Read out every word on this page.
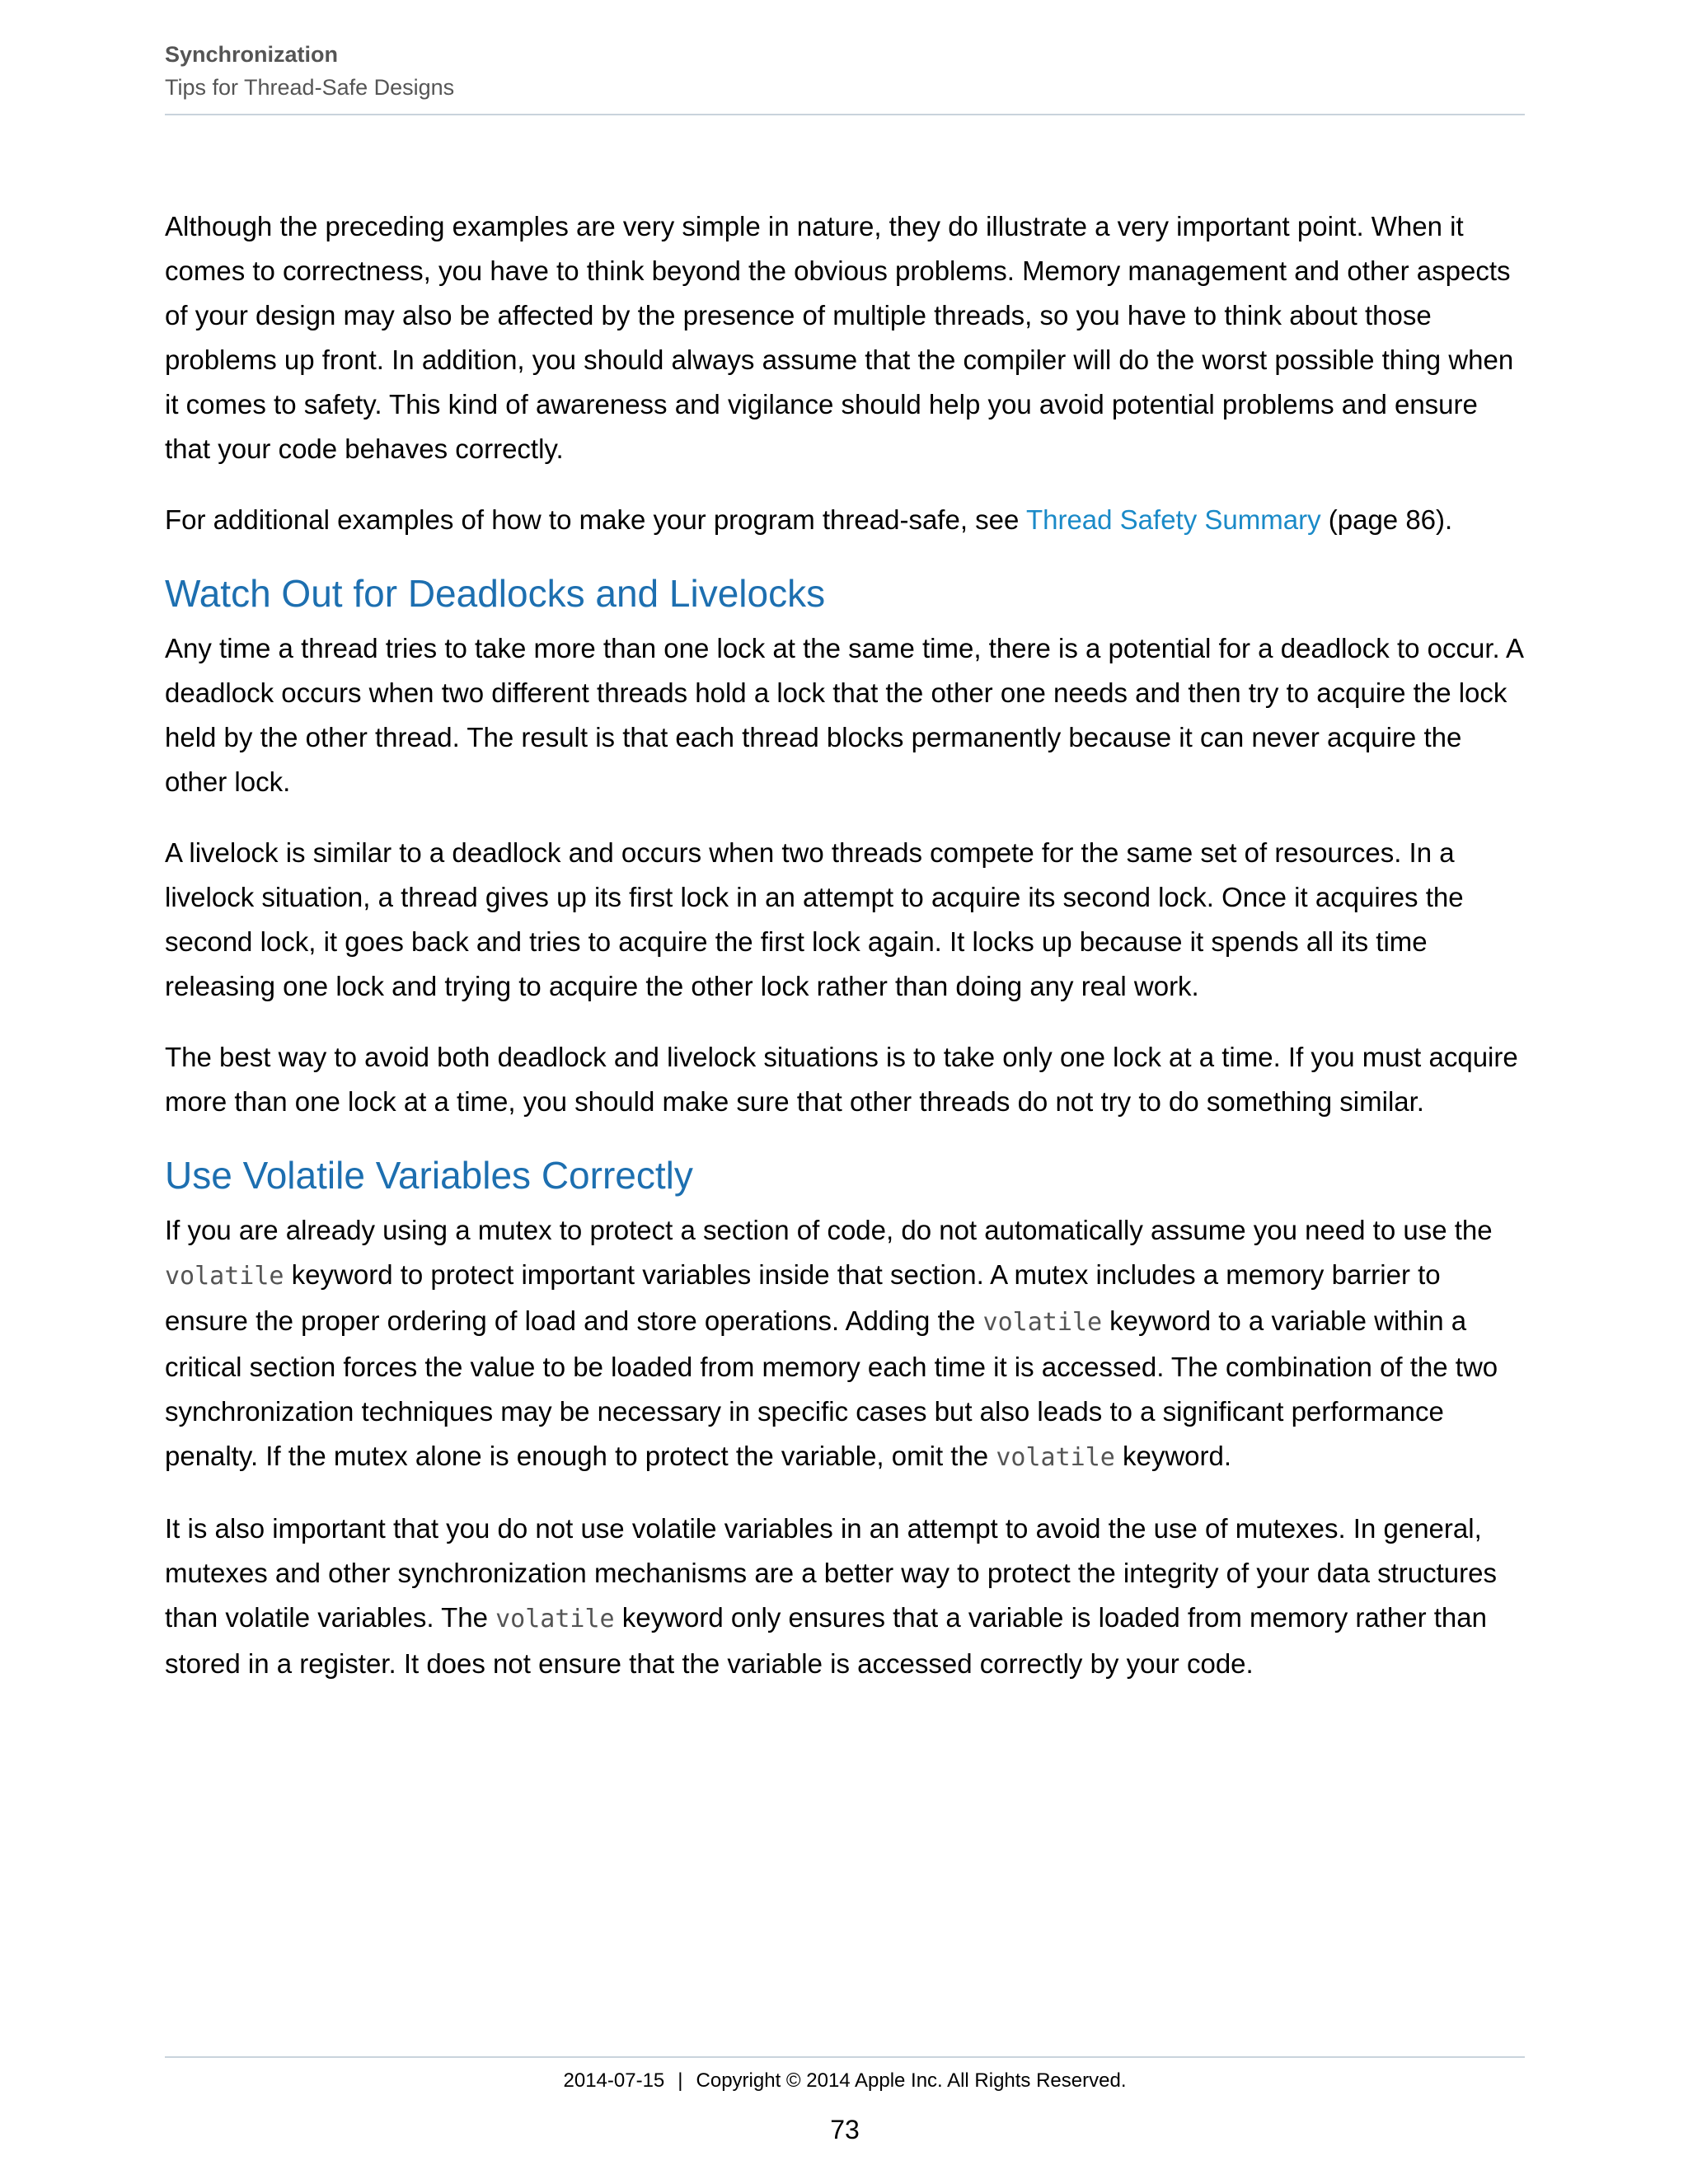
Synchronization
Tips for Thread-Safe Designs

Although the preceding examples are very simple in nature, they do illustrate a very important point. When it comes to correctness, you have to think beyond the obvious problems. Memory management and other aspects of your design may also be affected by the presence of multiple threads, so you have to think about those problems up front. In addition, you should always assume that the compiler will do the worst possible thing when it comes to safety. This kind of awareness and vigilance should help you avoid potential problems and ensure that your code behaves correctly.

For additional examples of how to make your program thread-safe, see Thread Safety Summary (page 86).

Watch Out for Deadlocks and Livelocks

Any time a thread tries to take more than one lock at the same time, there is a potential for a deadlock to occur. A deadlock occurs when two different threads hold a lock that the other one needs and then try to acquire the lock held by the other thread. The result is that each thread blocks permanently because it can never acquire the other lock.

A livelock is similar to a deadlock and occurs when two threads compete for the same set of resources. In a livelock situation, a thread gives up its first lock in an attempt to acquire its second lock. Once it acquires the second lock, it goes back and tries to acquire the first lock again. It locks up because it spends all its time releasing one lock and trying to acquire the other lock rather than doing any real work.

The best way to avoid both deadlock and livelock situations is to take only one lock at a time. If you must acquire more than one lock at a time, you should make sure that other threads do not try to do something similar.

Use Volatile Variables Correctly

If you are already using a mutex to protect a section of code, do not automatically assume you need to use the volatile keyword to protect important variables inside that section. A mutex includes a memory barrier to ensure the proper ordering of load and store operations. Adding the volatile keyword to a variable within a critical section forces the value to be loaded from memory each time it is accessed. The combination of the two synchronization techniques may be necessary in specific cases but also leads to a significant performance penalty. If the mutex alone is enough to protect the variable, omit the volatile keyword.

It is also important that you do not use volatile variables in an attempt to avoid the use of mutexes. In general, mutexes and other synchronization mechanisms are a better way to protect the integrity of your data structures than volatile variables. The volatile keyword only ensures that a variable is loaded from memory rather than stored in a register. It does not ensure that the variable is accessed correctly by your code.

2014-07-15 | Copyright © 2014 Apple Inc. All Rights Reserved.
73
